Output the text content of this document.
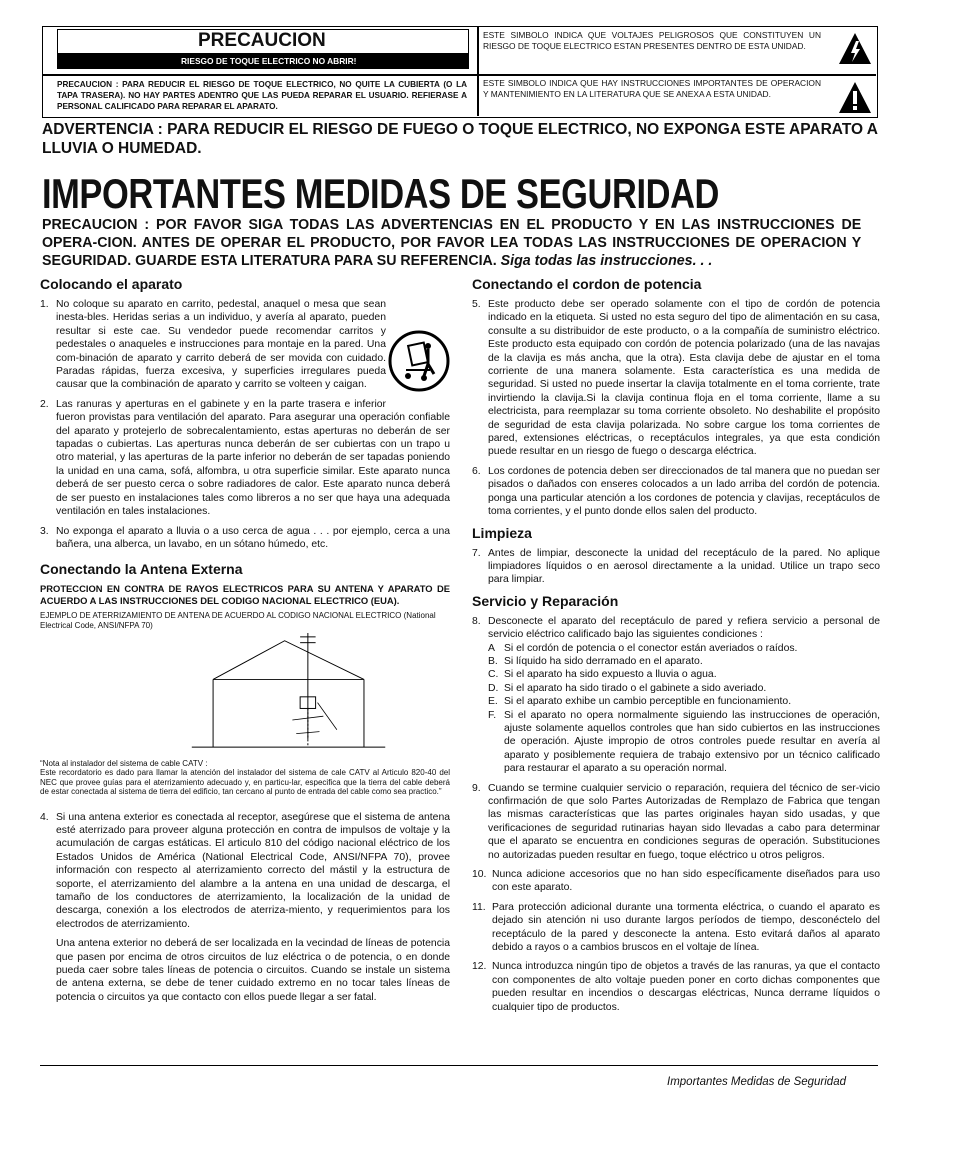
PRECAUCION
RIESGO DE TOQUE ELECTRICO NO ABRIR!
PRECAUCION : PARA REDUCIR EL RIESGO DE TOQUE ELECTRICO, NO QUITE LA CUBIERTA (O LA TAPA TRASERA). NO HAY PARTES ADENTRO QUE LAS PUEDA REPARAR EL USUARIO. REFIERASE A PERSONAL CALIFICADO PARA REPARAR EL APARATO.
ESTE SIMBOLO INDICA QUE VOLTAJES PELIGROSOS QUE CONSTITUYEN UN RIESGO DE TOQUE ELECTRICO ESTAN PRESENTES DENTRO DE ESTA UNIDAD.
ESTE SIMBOLO INDICA QUE HAY INSTRUCCIONES IMPORTANTES DE OPERACION Y MANTENIMIENTO EN LA LITERATURA QUE SE ANEXA A ESTA UNIDAD.
ADVERTENCIA : PARA REDUCIR EL RIESGO DE FUEGO O TOQUE ELECTRICO, NO EXPONGA ESTE APARATO A LLUVIA O HUMEDAD.
IMPORTANTES MEDIDAS DE SEGURIDAD
PRECAUCION : POR FAVOR SIGA TODAS LAS ADVERTENCIAS EN EL PRODUCTO Y EN LAS INSTRUCCIONES DE OPERA-CION. ANTES DE OPERAR EL PRODUCTO, POR FAVOR LEA TODAS LAS INSTRUCCIONES DE OPERACION Y SEGURIDAD. GUARDE ESTA LITERATURA PARA SU REFERENCIA. Siga todas las instrucciones. . .
Colocando el aparato
1. No coloque su aparato en carrito, pedestal, anaquel o mesa que sean inesta-bles. Heridas serias a un individuo, y avería al aparato, pueden resultar si este cae. Su vendedor puede recomendar carritos y pedestales o anaqueles e instrucciones para montaje en la pared. Una com-binación de aparato y carrito deberá de ser movida con cuidado. Paradas rápidas, fuerza excesiva, y superficies irregulares pueda causar que la combinación de aparato y carrito se volteen y caigan.
2. Las ranuras y aperturas en el gabinete y en la parte trasera e inferior fueron provistas para ventilación del aparato. Para asegurar una operación confiable del aparato y protejerlo de sobrecalentamiento, estas aperturas no deberán de ser tapadas o cubiertas. Las aperturas nunca deberán de ser cubiertas con un trapo u otro material, y las aperturas de la parte inferior no deberán de ser tapadas poniendo la unidad en una cama, sofá, alfombra, u otra superficie similar. Este aparato nunca deberá de ser puesto cerca o sobre radiadores de calor. Este aparato nunca deberá de ser puesto en instalaciones tales como libreros a no ser que haya una adequada ventilación en tales instalaciones.
3. No exponga el aparato a lluvia o a uso cerca de agua . . . por ejemplo, cerca a una bañera, una alberca, un lavabo, en un sótano húmedo, etc.
Conectando la Antena Externa
PROTECCION EN CONTRA DE RAYOS ELECTRICOS PARA SU ANTENA Y APARATO DE ACUERDO A LAS INSTRUCCIONES DEL CODIGO NACIONAL ELECTRICO (EUA).
EJEMPLO DE ATERRIZAMIENTO DE ANTENA DE ACUERDO AL CODIGO NACIONAL ELECTRICO (National Electrical Code, ANSI/NFPA 70)
“Nota al instalador del sistema de cable CATV :
Este recordatorio es dado para llamar la atención del instalador del sistema de cale CATV al Articulo 820-40 del NEC que provee guías para el aterrizamiento adecuado y, en particu-lar, especifica que la tierra del cable deberá de estar conectada al sistema de tierra del edificio, tan cercano al punto de entrada del cable como sea practico.”
4. Si una antena exterior es conectada al receptor, asegúrese que el sistema de antena esté aterrizado para proveer alguna protección en contra de impulsos de voltaje y la acumulación de cargas estáticas. El articulo 810 del código nacional eléctrico de los Estados Unidos de América (National Electrical Code, ANSI/NFPA 70), provee información con respecto al aterrizamiento correcto del mástil y la estructura de soporte, el aterrizamiento del alambre a la antena en una unidad de descarga, el tamaño de los conductores de aterrizamiento, la localización de la unidad de descarga, conexión a los electrodos de aterriza-miento, y requerimientos para los electrodos de aterrizamiento.
Una antena exterior no deberá de ser localizada en la vecindad de líneas de potencia que pasen por encima de otros circuitos de luz eléctrica o de potencia, o en donde pueda caer sobre tales líneas de potencia o circuitos. Cuando se instale un sistema de antena externa, se debe de tener cuidado extremo en no tocar tales líneas de potencia o circuitos ya que contacto con ellos puede llegar a ser fatal.
Conectando el cordon de potencia
5. Este producto debe ser operado solamente con el tipo de cordón de potencia indicado en la etiqueta. Si usted no esta seguro del tipo de alimentación en su casa, consulte a su distribuidor de este producto, o a la compañía de suministro eléctrico. Este producto esta equipado con cordón de potencia polarizado (una de las navajas de la clavija es más ancha, que la otra). Esta clavija debe de ajustar en el toma corriente de una manera solamente. Esta característica es una medida de seguridad. Si usted no puede insertar la clavija totalmente en el toma corriente, trate invirtiendo la clavija.Si la clavija continua floja en el toma corriente, llame a su electricista, para reemplazar su toma corriente obsoleto. No deshabilite el propósito de seguridad de esta clavija polarizada. No sobre cargue los toma corrientes de pared, extensiones eléctricas, o receptáculos integrales, ya que esta condición puede resultar en un riesgo de fuego o descarga eléctrica.
6. Los cordones de potencia deben ser direccionados de tal manera que no puedan ser pisados o dañados con enseres colocados a un lado arriba del cordón de potencia. ponga una particular atención a los cordones de potencia y clavijas, receptáculos de toma corrientes, y el punto donde ellos salen del producto.
Limpieza
7. Antes de limpiar, desconecte la unidad del receptáculo de la pared. No aplique limpiadores líquidos o en aerosol directamente a la unidad. Utilice un trapo seco para limpiar.
Servicio y Reparación
8. Desconecte el aparato del receptáculo de pared y refiera servicio a personal de servicio eléctrico calificado bajo las siguientes condiciones :
A Si el cordón de potencia o el conector están averiados o raídos.
B. Si líquido ha sido derramado en el aparato.
C. Si el aparato ha sido expuesto a lluvia o agua.
D. Si el aparato ha sido tirado o el gabinete a sido averiado.
E. Si el aparato exhibe un cambio perceptible en funcionamiento.
F. Si el aparato no opera normalmente siguiendo las instrucciones de operación, ajuste solamente aquellos controles que han sido cubiertos en las instrucciones de operación. Ajuste impropio de otros controles puede resultar en avería al aparato y posiblemente requiera de trabajo extensivo por un técnico calificado para restaurar el aparato a su operación normal.
9. Cuando se termine cualquier servicio o reparación, requiera del técnico de ser-vicio confirmación de que solo Partes Autorizadas de Remplazo de Fabrica que tengan las mismas características que las partes originales hayan sido usadas, y que verificaciones de seguridad rutinarias hayan sido llevadas a cabo para determinar que el aparato se encuentra en condiciones seguras de operación. Substituciones no autorizadas pueden resultar en fuego, toque eléctrico u otros peligros.
10. Nunca adicione accesorios que no han sido específicamente diseñados para uso con este aparato.
11. Para protección adicional durante una tormenta eléctrica, o cuando el aparato es dejado sin atención ni uso durante largos períodos de tiempo, desconéctelo del receptáculo de la pared y desconecte la antena. Esto evitará daños al aparato debido a rayos o a cambios bruscos en el voltaje de línea.
12. Nunca introduzca ningún tipo de objetos a través de las ranuras, ya que el contacto con componentes de alto voltaje pueden poner en corto dichas componentes que pueden resultar en incendios o descargas eléctricas, Nunca derrame líquidos o cualquier tipo de productos.
Importantes Medidas de Seguridad
